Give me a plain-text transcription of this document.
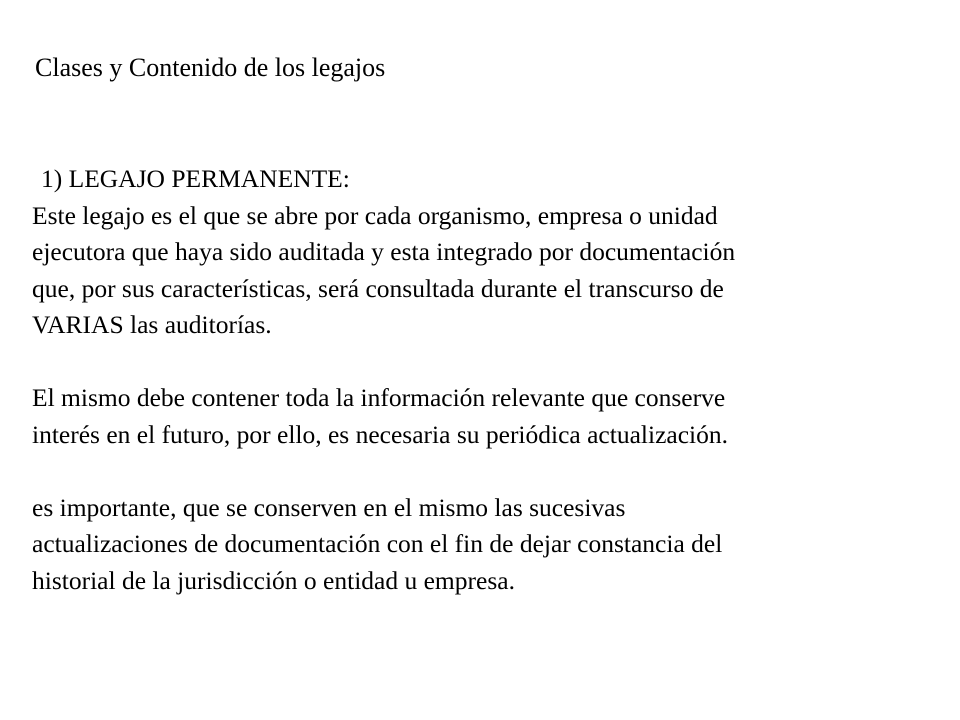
Clases y Contenido de los legajos
1) LEGAJO PERMANENTE:
Este legajo es el que se abre por cada organismo, empresa o unidad
ejecutora que haya sido auditada y esta integrado por documentación
que, por sus características, será consultada durante el transcurso de
VARIAS las auditorías.
El mismo debe contener toda la información relevante que conserve
interés en el futuro, por ello, es necesaria su periódica actualización.
es importante, que se conserven en el mismo las sucesivas
actualizaciones de documentación con el fin de dejar constancia del
historial de la jurisdicción o entidad u empresa.
